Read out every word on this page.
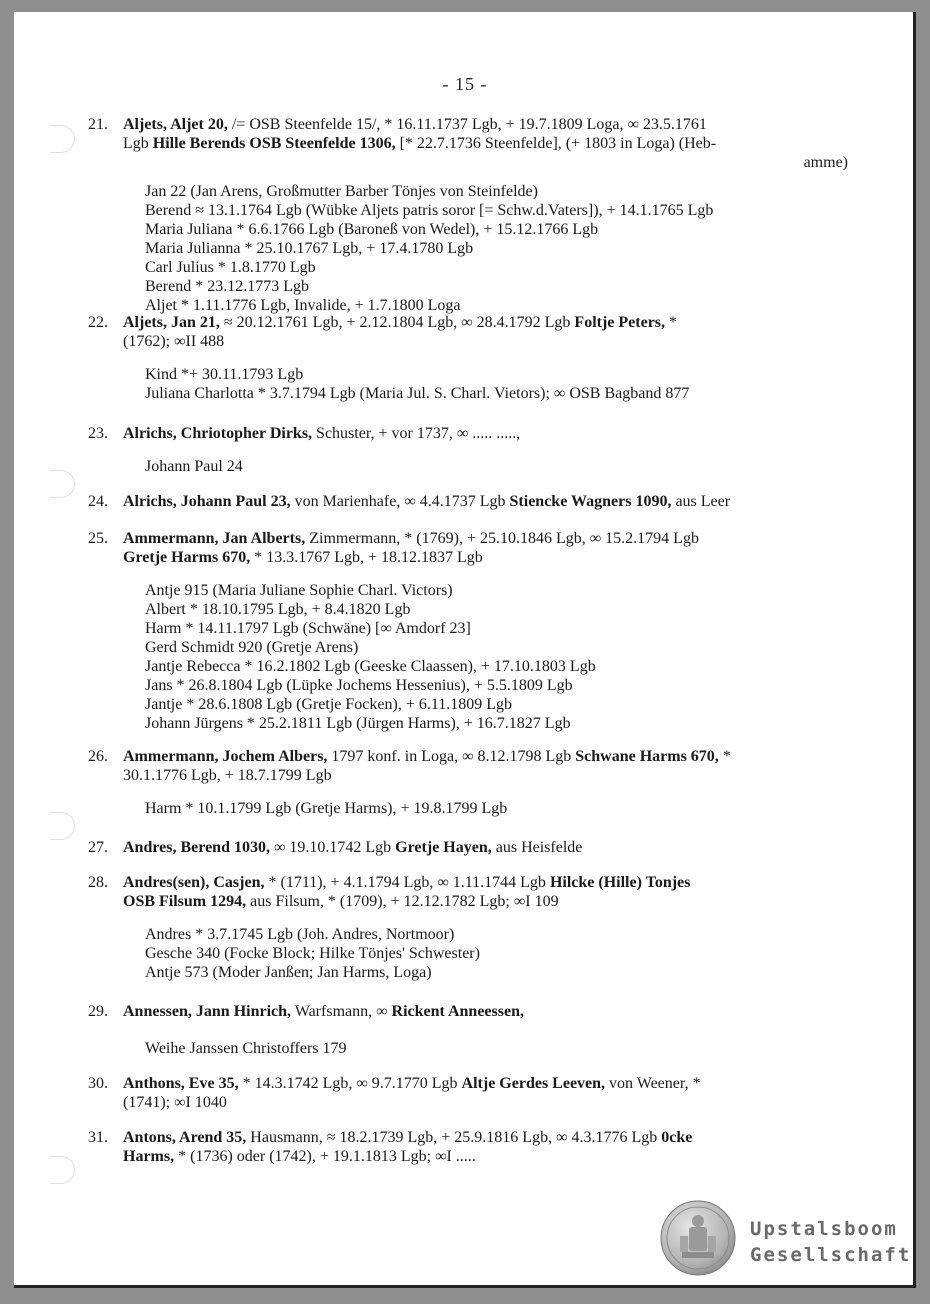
- 15 -
21. Aljets, Aljet 20, /= OSB Steenfelde 15/, * 16.11.1737 Lgb, + 19.7.1809 Loga, ∞ 23.5.1761
Lgb Hille Berends OSB Steenfelde 1306, [* 22.7.1736 Steenfelde], (+ 1803 in Loga) (Heb-
amme)
Jan 22 (Jan Arens, Großmutter Barber Tönjes von Steinfelde)
Berend ≈ 13.1.1764 Lgb (Wübke Aljets patris soror [= Schw.d.Vaters]), + 14.1.1765 Lgb
Maria Juliana * 6.6.1766 Lgb (Baroneß von Wedel), + 15.12.1766 Lgb
Maria Julianna * 25.10.1767 Lgb, + 17.4.1780 Lgb
Carl Julius * 1.8.1770 Lgb
Berend * 23.12.1773 Lgb
Aljet * 1.11.1776 Lgb, Invalide, + 1.7.1800 Loga
22. Aljets, Jan 21, ≈ 20.12.1761 Lgb, + 2.12.1804 Lgb, ∞ 28.4.1792 Lgb Foltje Peters, *
(1762); ∞II 488
Kind *+ 30.11.1793 Lgb
Juliana Charlotta * 3.7.1794 Lgb (Maria Jul. S. Charl. Vietors); ∞ OSB Bagband 877
23. Alrichs, Chriotopher Dirks, Schuster, + vor 1737, ∞ ..... .....,
Johann Paul 24
24. Alrichs, Johann Paul 23, von Marienhafe, ∞ 4.4.1737 Lgb Stiencke Wagners 1090, aus Leer
25. Ammermann, Jan Alberts, Zimmermann, * (1769), + 25.10.1846 Lgb, ∞ 15.2.1794 Lgb
Gretje Harms 670, * 13.3.1767 Lgb, + 18.12.1837 Lgb
Antje 915 (Maria Juliane Sophie Charl. Victors)
Albert * 18.10.1795 Lgb, + 8.4.1820 Lgb
Harm * 14.11.1797 Lgb (Schwäne) [∞ Amdorf 23]
Gerd Schmidt 920 (Gretje Arens)
Jantje Rebecca * 16.2.1802 Lgb (Geeske Claassen), + 17.10.1803 Lgb
Jans * 26.8.1804 Lgb (Lüpke Jochems Hessenius), + 5.5.1809 Lgb
Jantje * 28.6.1808 Lgb (Gretje Focken), + 6.11.1809 Lgb
Johann Jürgens * 25.2.1811 Lgb (Jürgen Harms), + 16.7.1827 Lgb
26. Ammermann, Jochem Albers, 1797 konf. in Loga, ∞ 8.12.1798 Lgb Schwane Harms 670, *
30.1.1776 Lgb, + 18.7.1799 Lgb
Harm * 10.1.1799 Lgb (Gretje Harms), + 19.8.1799 Lgb
27. Andres, Berend 1030, ∞ 19.10.1742 Lgb Gretje Hayen, aus Heisfelde
28. Andres(sen), Casjen, * (1711), + 4.1.1794 Lgb, ∞ 1.11.1744 Lgb Hilcke (Hille) Tonjes
OSB Filsum 1294, aus Filsum, * (1709), + 12.12.1782 Lgb; ∞I 109
Andres * 3.7.1745 Lgb (Joh. Andres, Nortmoor)
Gesche 340 (Focke Block; Hilke Tönjes' Schwester)
Antje 573 (Moder Janßen; Jan Harms, Loga)
29. Annessen, Jann Hinrich, Warfsmann, ∞ Rickent Anneessen,
Weihe Janssen Christoffers 179
30. Anthons, Eve 35, * 14.3.1742 Lgb, ∞ 9.7.1770 Lgb Altje Gerdes Leeven, von Weener, *
(1741); ∞I 1040
31. Antons, Arend 35, Hausmann, ≈ 18.2.1739 Lgb, + 25.9.1816 Lgb, ∞ 4.3.1776 Lgb 0cke
Harms, * (1736) oder (1742), + 19.1.1813 Lgb; ∞I .....
Upstalsboom
Gesellschaft
